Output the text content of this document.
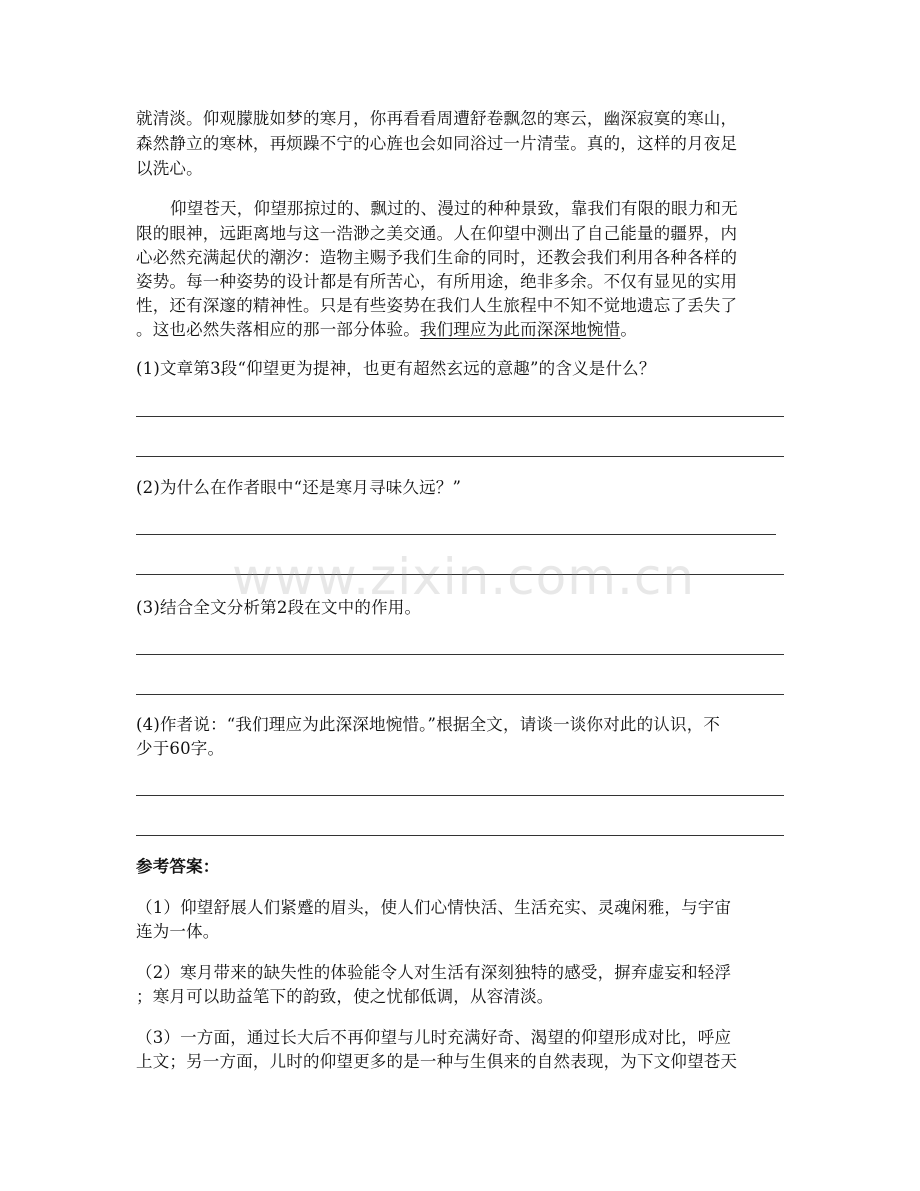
就清淡。仰观朦胧如梦的寒月，你再看看周遭舒卷飘忽的寒云，幽深寂寞的寒山，
森然静立的寒林，再烦躁不宁的心旌也会如同浴过一片清莹。真的，这样的月夜足
以洗心。
仰望苍天，仰望那掠过的、飘过的、漫过的种种景致，靠我们有限的眼力和无
限的眼神，远距离地与这一浩渺之美交通。人在仰望中测出了自己能量的疆界，内
心必然充满起伏的潮汐：造物主赐予我们生命的同时，还教会我们利用各种各样的
姿势。每一种姿势的设计都是有所苦心，有所用途，绝非多余。不仅有显见的实用
性，还有深邃的精神性。只是有些姿势在我们人生旅程中不知不觉地遗忘了丢失了
。这也必然失落相应的那一部分体验。我们理应为此而深深地惋惜。
(1)文章第3段“仰望更为提神，也更有超然玄远的意趣”的含义是什么？
(2)为什么在作者眼中“还是寒月寻味久远？”
www.zixin.com.cn
(3)结合全文分析第2段在文中的作用。
(4)作者说：“我们理应为此深深地惋惜。”根据全文，请谈一谈你对此的认识，不
少于60字。
参考答案：
（1）仰望舒展人们紧蹙的眉头，使人们心情快活、生活充实、灵魂闲雅，与宇宙
连为一体。
（2）寒月带来的缺失性的体验能令人对生活有深刻独特的感受，摒弃虚妄和轻浮
；寒月可以助益笔下的韵致，使之忧郁低调，从容清淡。
（3）一方面，通过长大后不再仰望与儿时充满好奇、渴望的仰望形成对比，呼应
上文；另一方面，儿时的仰望更多的是一种与生俱来的自然表现，为下文仰望苍天
